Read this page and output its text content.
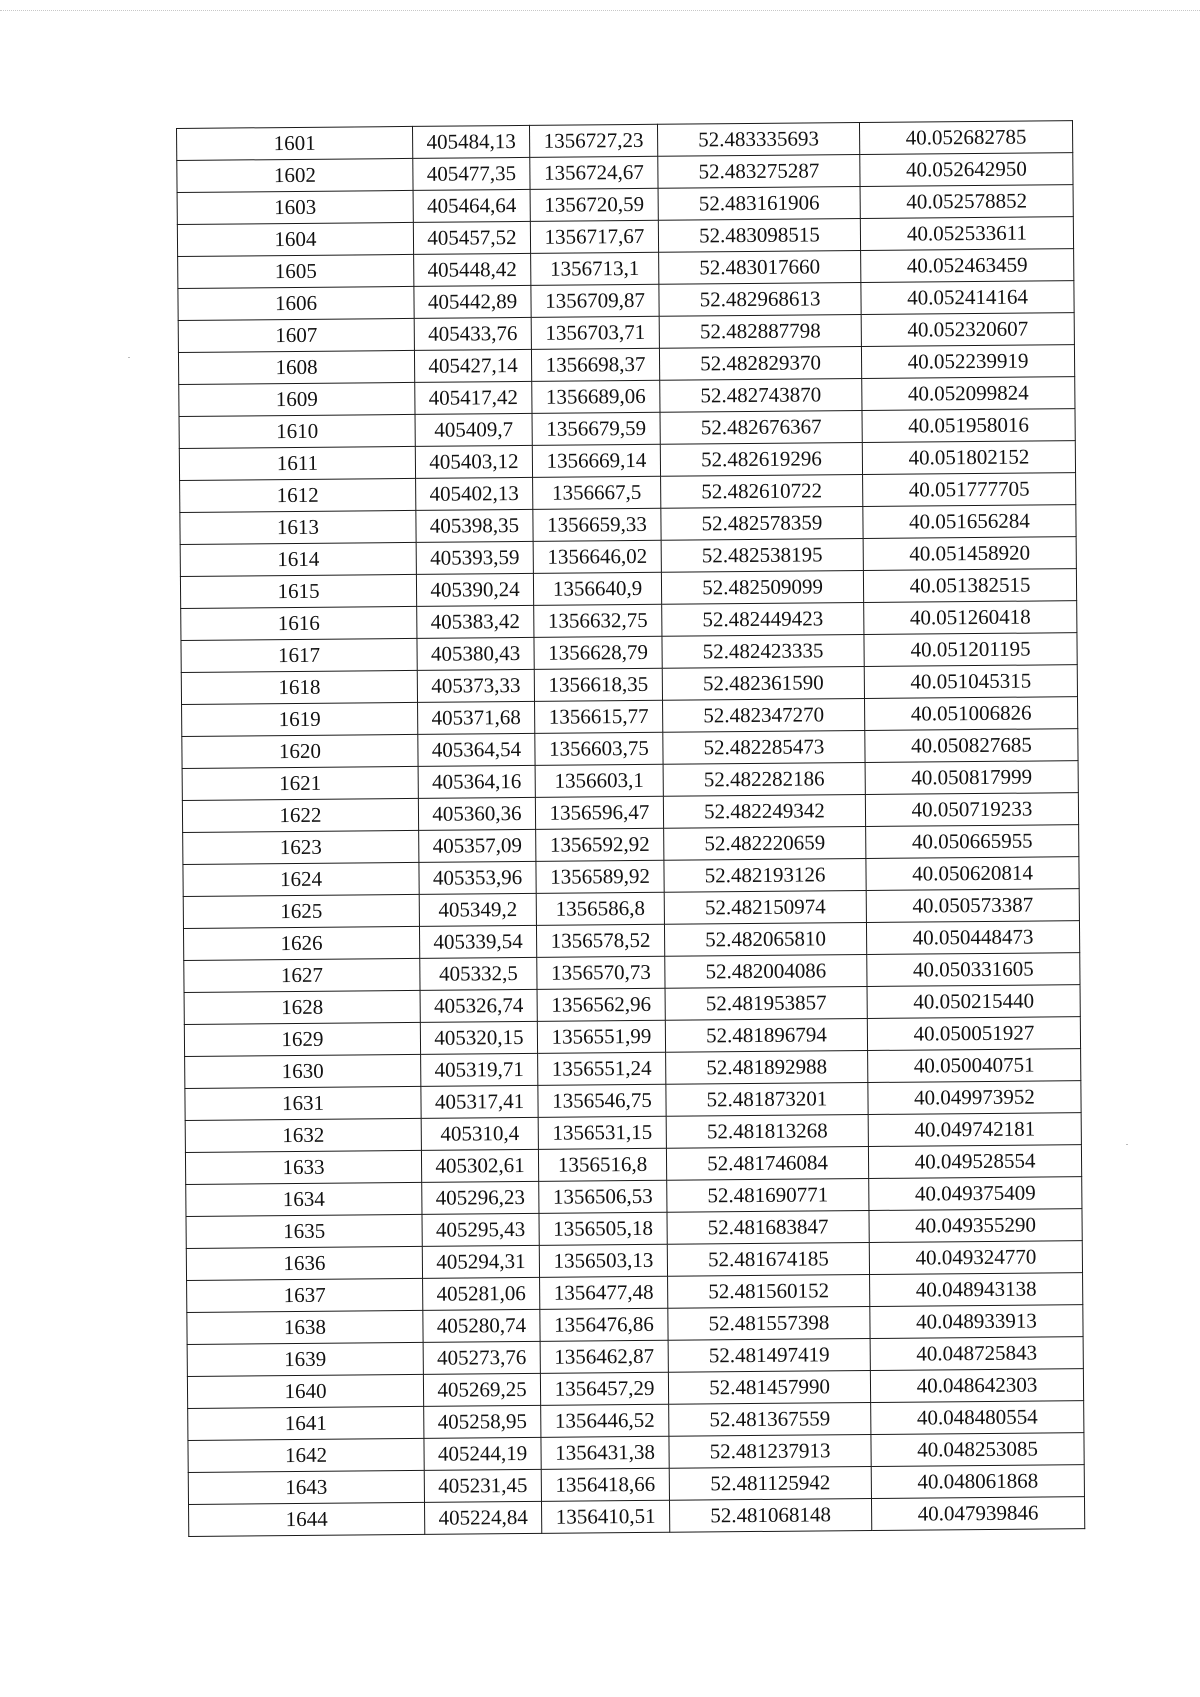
1601	405484,13	1356727,23	52.483335693	40.052682785
1602	405477,35	1356724,67	52.483275287	40.052642950
1603	405464,64	1356720,59	52.483161906	40.052578852
1604	405457,52	1356717,67	52.483098515	40.052533611
1605	405448,42	1356713,1	52.483017660	40.052463459
1606	405442,89	1356709,87	52.482968613	40.052414164
1607	405433,76	1356703,71	52.482887798	40.052320607
1608	405427,14	1356698,37	52.482829370	40.052239919
1609	405417,42	1356689,06	52.482743870	40.052099824
1610	405409,7	1356679,59	52.482676367	40.051958016
1611	405403,12	1356669,14	52.482619296	40.051802152
1612	405402,13	1356667,5	52.482610722	40.051777705
1613	405398,35	1356659,33	52.482578359	40.051656284
1614	405393,59	1356646,02	52.482538195	40.051458920
1615	405390,24	1356640,9	52.482509099	40.051382515
1616	405383,42	1356632,75	52.482449423	40.051260418
1617	405380,43	1356628,79	52.482423335	40.051201195
1618	405373,33	1356618,35	52.482361590	40.051045315
1619	405371,68	1356615,77	52.482347270	40.051006826
1620	405364,54	1356603,75	52.482285473	40.050827685
1621	405364,16	1356603,1	52.482282186	40.050817999
1622	405360,36	1356596,47	52.482249342	40.050719233
1623	405357,09	1356592,92	52.482220659	40.050665955
1624	405353,96	1356589,92	52.482193126	40.050620814
1625	405349,2	1356586,8	52.482150974	40.050573387
1626	405339,54	1356578,52	52.482065810	40.050448473
1627	405332,5	1356570,73	52.482004086	40.050331605
1628	405326,74	1356562,96	52.481953857	40.050215440
1629	405320,15	1356551,99	52.481896794	40.050051927
1630	405319,71	1356551,24	52.481892988	40.050040751
1631	405317,41	1356546,75	52.481873201	40.049973952
1632	405310,4	1356531,15	52.481813268	40.049742181
1633	405302,61	1356516,8	52.481746084	40.049528554
1634	405296,23	1356506,53	52.481690771	40.049375409
1635	405295,43	1356505,18	52.481683847	40.049355290
1636	405294,31	1356503,13	52.481674185	40.049324770
1637	405281,06	1356477,48	52.481560152	40.048943138
1638	405280,74	1356476,86	52.481557398	40.048933913
1639	405273,76	1356462,87	52.481497419	40.048725843
1640	405269,25	1356457,29	52.481457990	40.048642303
1641	405258,95	1356446,52	52.481367559	40.048480554
1642	405244,19	1356431,38	52.481237913	40.048253085
1643	405231,45	1356418,66	52.481125942	40.048061868
1644	405224,84	1356410,51	52.481068148	40.047939846
